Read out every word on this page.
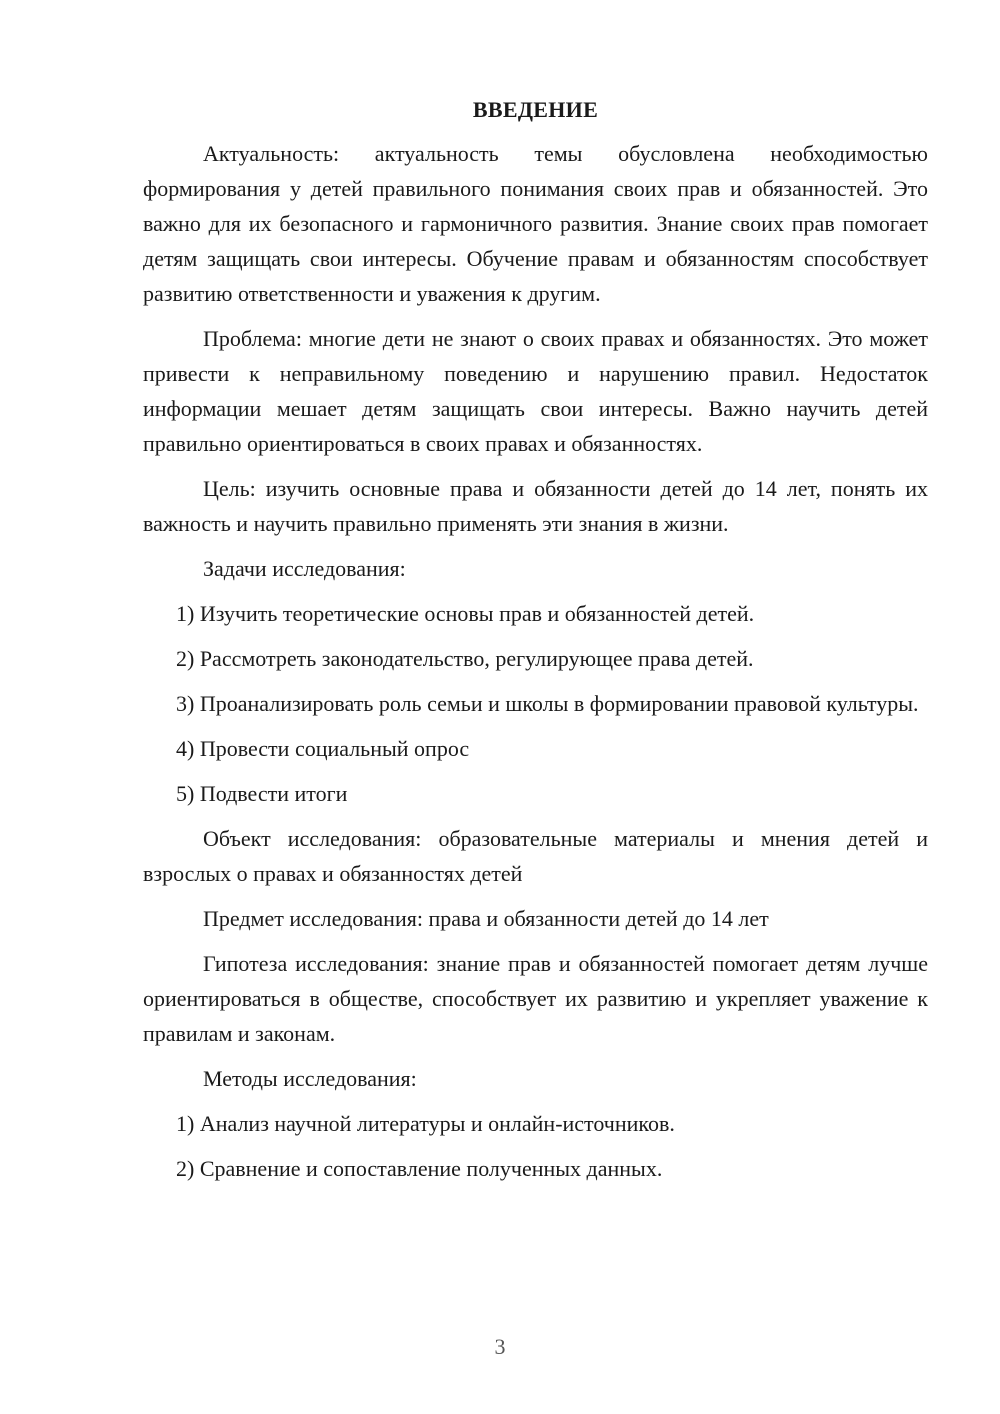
ВВЕДЕНИЕ

Актуальность: актуальность темы обусловлена необходимостью формирования у детей правильного понимания своих прав и обязанностей. Это важно для их безопасного и гармоничного развития. Знание своих прав помогает детям защищать свои интересы. Обучение правам и обязанностям способствует развитию ответственности и уважения к другим.

Проблема: многие дети не знают о своих правах и обязанностях. Это может привести к неправильному поведению и нарушению правил. Недостаток информации мешает детям защищать свои интересы. Важно научить детей правильно ориентироваться в своих правах и обязанностях.

Цель: изучить основные права и обязанности детей до 14 лет, понять их важность и научить правильно применять эти знания в жизни.

Задачи исследования:

1) Изучить теоретические основы прав и обязанностей детей.

2) Рассмотреть законодательство, регулирующее права детей.

3) Проанализировать роль семьи и школы в формировании правовой культуры.

4) Провести социальный опрос

5) Подвести итоги

Объект исследования: образовательные материалы и мнения детей и взрослых о правах и обязанностях детей

Предмет исследования: права и обязанности детей до 14 лет

Гипотеза исследования: знание прав и обязанностей помогает детям лучше ориентироваться в обществе, способствует их развитию и укрепляет уважение к правилам и законам.

Методы исследования:

1) Анализ научной литературы и онлайн-источников.

2) Сравнение и сопоставление полученных данных.

3
